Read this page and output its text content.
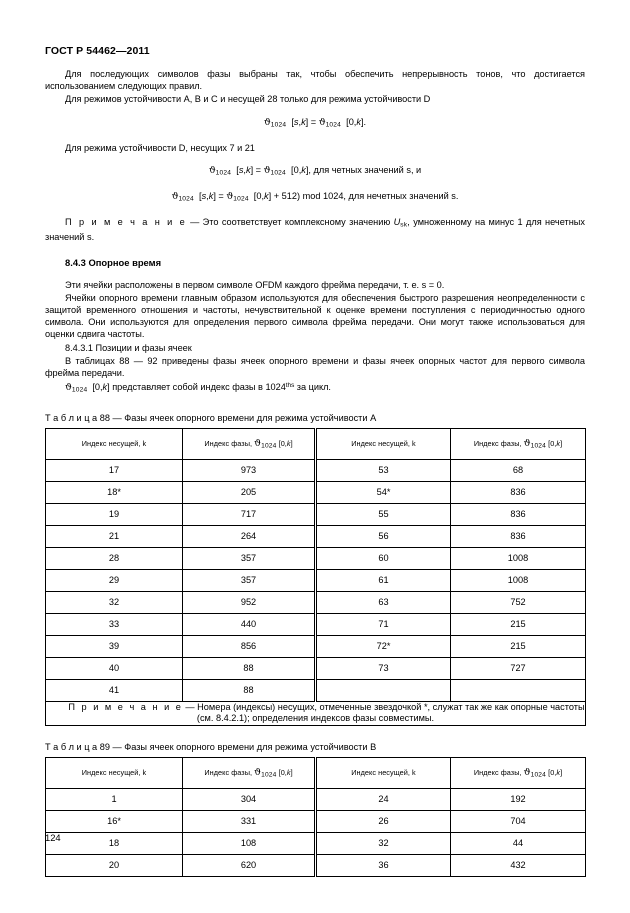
ГОСТ Р 54462—2011
Для последующих символов фазы выбраны так, чтобы обеспечить непрерывность тонов, что достигается использованием следующих правил.
Для режимов устойчивости A, B и C и несущей 28 только для режима устойчивости D
$ϑ_{1024}$ $[s,k] = ϑ_{1024}$ [0,k].
Для режима устойчивости D, несущих 7 и 21
$ϑ_{1024}$ $[s,k] = ϑ_{1024}$ [0,k], для четных значений s, и
$ϑ_{1024}$ $[s,k] = ϑ_{1024}$ [0,k] + 512) mod 1024, для нечетных значений s.
П р и м е ч а н и е — Это соответствует комплексному значению $U_{sk}$, умноженному на минус 1 для нечетных значений s.
8.4.3 Опорное время
Эти ячейки расположены в первом символе OFDM каждого фрейма передачи, т. е. s = 0.
Ячейки опорного времени главным образом используются для обеспечения быстрого разрешения неопределенности с защитой временного отношения и частоты, нечувствительной к оценке времени поступления с периодичностью одного символа. Они используются для определения первого символа фрейма передачи. Они могут также использоваться для оценки сдвига частоты.
8.4.3.1 Позиции и фазы ячеек
В таблицах 88 — 92 приведены фазы ячеек опорного времени и фазы ячеек опорных частот для первого символа фрейма передачи.
$ϑ_{1024}$ [0,k] представляет собой индекс фазы в $1024^{ths}$ за цикл.
Т а б л и ц а 88 — Фазы ячеек опорного времени для режима устойчивости A
Индекс несущей, k	Индекс фазы, $ϑ_{1024}$ [0,k]	Индекс несущей, k	Индекс фазы, $ϑ_{1024}$ [0,k]
17	973	53	68
18*	205	54*	836
19	717	55	836
21	264	56	836
28	357	60	1008
29	357	61	1008
32	952	63	752
33	440	71	215
39	856	72*	215
40	88	73	727
41	88		

П р и м е ч а н и е — Номера (индексы) несущих, отмеченные звездочкой *, служат так же как опорные частоты (см. 8.4.2.1); определения индексов фазы совместимы.			
Т а б л и ц а 89 — Фазы ячеек опорного времени для режима устойчивости B
Индекс несущей, k	Индекс фазы, $ϑ_{1024}$ [0,k]	Индекс несущей, k	Индекс фазы, $ϑ_{1024}$ [0,k]
1	304	24	192
16*	331	26	704
18	108	32	44
20	620	36	432
124
